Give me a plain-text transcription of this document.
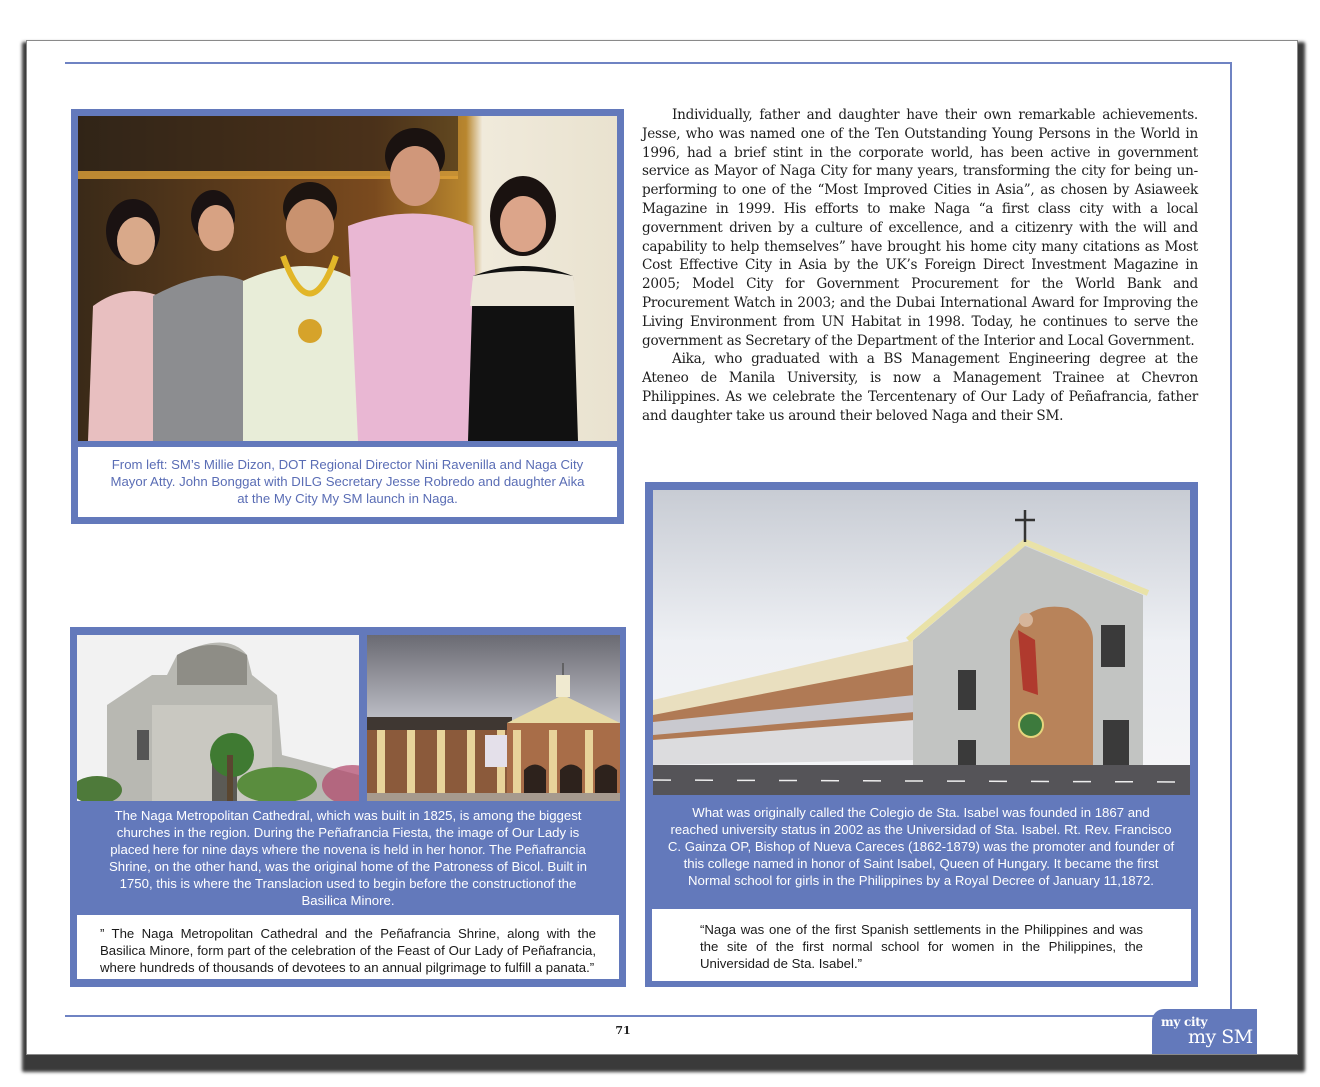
Individually, father and daughter have their own remarkable achievements. Jesse, who was named one of the Ten Outstanding Young Persons in the World in 1996, had a brief stint in the corporate world, has been active in government service as Mayor of Naga City for many years, transforming the city for being un-performing to one of the “Most Improved Cities in Asia”, as chosen by Asiaweek Magazine in 1999. His efforts to make Naga “a first class city with a local government driven by a culture of excellence, and a citizenry with the will and capability to help themselves” have brought his home city many citations as Most Cost Effective City in Asia by the UK’s Foreign Direct Investment Magazine in 2005; Model City for Government Procurement for the World Bank and Procurement Watch in 2003; and the Dubai International Award for Improving the Living Environment from UN Habitat in 1998. Today, he continues to serve the government as Secretary of the Department of the Interior and Local Government.

Aika, who graduated with a BS Management Engineering degree at the Ateneo de Manila University, is now a Management Trainee at Chevron Philippines. As we celebrate the Tercentenary of Our Lady of Peñafrancia, father and daughter take us around their beloved Naga and their SM.

From left: SM’s Millie Dizon, DOT Regional Director Nini Ravenilla and Naga City Mayor Atty. John Bonggat with DILG Secretary Jesse Robredo and daughter Aika at the My City My SM launch in Naga.
The Naga Metropolitan Cathedral, which was built in 1825, is among the biggest churches in the region. During the Peñafrancia Fiesta, the image of Our Lady is placed here for nine days where the novena is held in her honor. The Peñafrancia Shrine, on the other hand, was the original home of the Patroness of Bicol. Built in 1750, this is where the Translacion used to begin before the constructionof the Basilica Minore.
” The Naga Metropolitan Cathedral and the Peñafrancia Shrine, along with the Basilica Minore, form part of the celebration of the Feast of Our Lady of Peñafrancia, where hundreds of thousands of devotees to an annual pilgrimage to fulfill a panata.”
What was originally called the Colegio de Sta. Isabel was founded in 1867 and reached university status in 2002 as the Universidad of Sta. Isabel. Rt. Rev. Francisco C. Gainza OP, Bishop of Nueva Careces (1862-1879) was the promoter and founder of this college named in honor of Saint Isabel, Queen of Hungary. It became the first Normal school for girls in the Philippines by a Royal Decree of January 11,1872.
“Naga was one of the first Spanish settlements in the Philippines and was the site of the first normal school for women in the Philippines, the Universidad de Sta. Isabel.”
71
my city
my SM
